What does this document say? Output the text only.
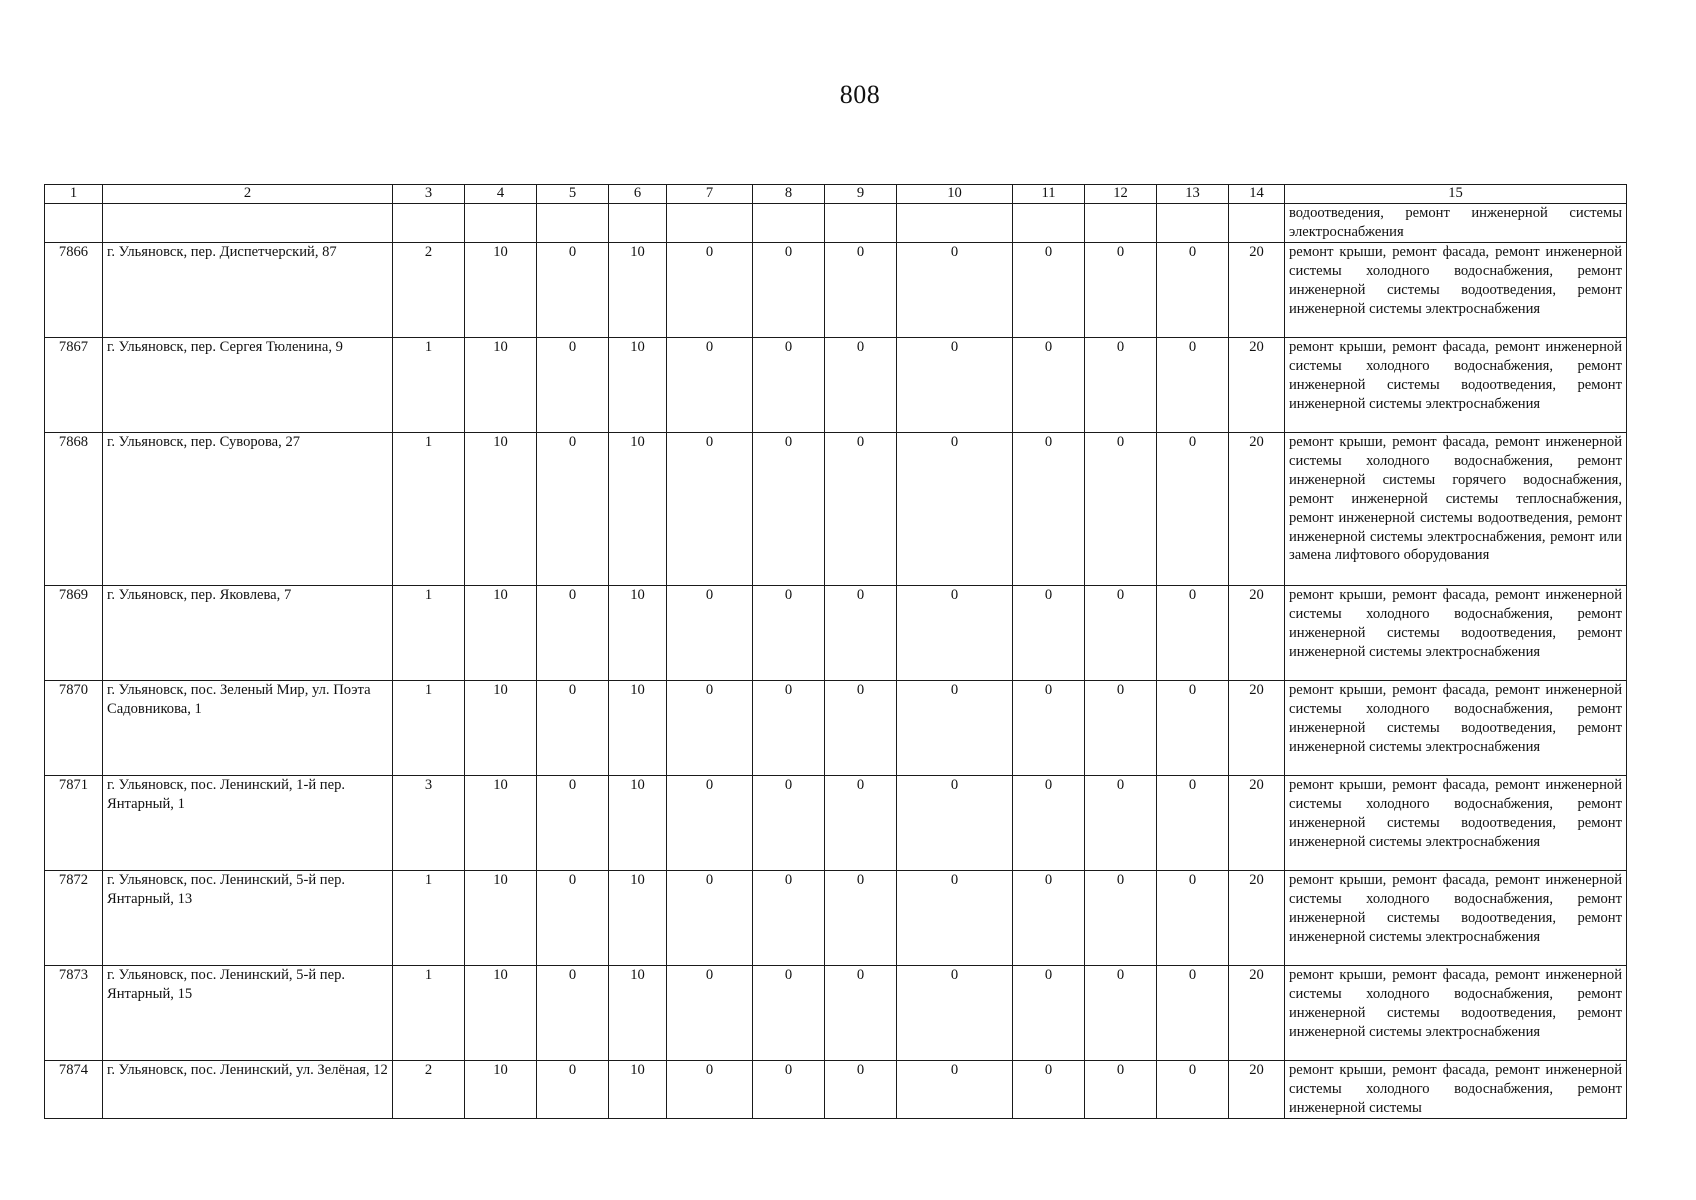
808
1	2	3	4	5	6	7	8	9	10	11	12	13	14	15
														водоотведения, ремонт инженерной системы электроснабжения
7866	г. Ульяновск, пер. Диспетчерский, 87	2	10	0	10	0	0	0	0	0	0	0	20	ремонт крыши, ремонт фасада, ремонт инженерной системы холодного водоснабжения, ремонт инженерной системы водоотведения, ремонт инженерной системы электроснабжения
7867	г. Ульяновск, пер. Сергея Тюленина, 9	1	10	0	10	0	0	0	0	0	0	0	20	ремонт крыши, ремонт фасада, ремонт инженерной системы холодного водоснабжения, ремонт инженерной системы водоотведения, ремонт инженерной системы электроснабжения
7868	г. Ульяновск, пер. Суворова, 27	1	10	0	10	0	0	0	0	0	0	0	20	ремонт крыши, ремонт фасада, ремонт инженерной системы холодного водоснабжения, ремонт инженерной системы горячего водоснабжения, ремонт инженерной системы теплоснабжения, ремонт инженерной системы водоотведения, ремонт инженерной системы электроснабжения, ремонт или замена лифтового оборудования
7869	г. Ульяновск, пер. Яковлева, 7	1	10	0	10	0	0	0	0	0	0	0	20	ремонт крыши, ремонт фасада, ремонт инженерной системы холодного водоснабжения, ремонт инженерной системы водоотведения, ремонт инженерной системы электроснабжения
7870	г. Ульяновск, пос. Зеленый Мир, ул. Поэта Садовникова, 1	1	10	0	10	0	0	0	0	0	0	0	20	ремонт крыши, ремонт фасада, ремонт инженерной системы холодного водоснабжения, ремонт инженерной системы водоотведения, ремонт инженерной системы электроснабжения
7871	г. Ульяновск, пос. Ленинский, 1-й пер. Янтарный, 1	3	10	0	10	0	0	0	0	0	0	0	20	ремонт крыши, ремонт фасада, ремонт инженерной системы холодного водоснабжения, ремонт инженерной системы водоотведения, ремонт инженерной системы электроснабжения
7872	г. Ульяновск, пос. Ленинский, 5-й пер. Янтарный, 13	1	10	0	10	0	0	0	0	0	0	0	20	ремонт крыши, ремонт фасада, ремонт инженерной системы холодного водоснабжения, ремонт инженерной системы водоотведения, ремонт инженерной системы электроснабжения
7873	г. Ульяновск, пос. Ленинский, 5-й пер. Янтарный, 15	1	10	0	10	0	0	0	0	0	0	0	20	ремонт крыши, ремонт фасада, ремонт инженерной системы холодного водоснабжения, ремонт инженерной системы водоотведения, ремонт инженерной системы электроснабжения
7874	г. Ульяновск, пос. Ленинский, ул. Зелёная, 12	2	10	0	10	0	0	0	0	0	0	0	20	ремонт крыши, ремонт фасада, ремонт инженерной системы холодного водоснабжения, ремонт инженерной системы
